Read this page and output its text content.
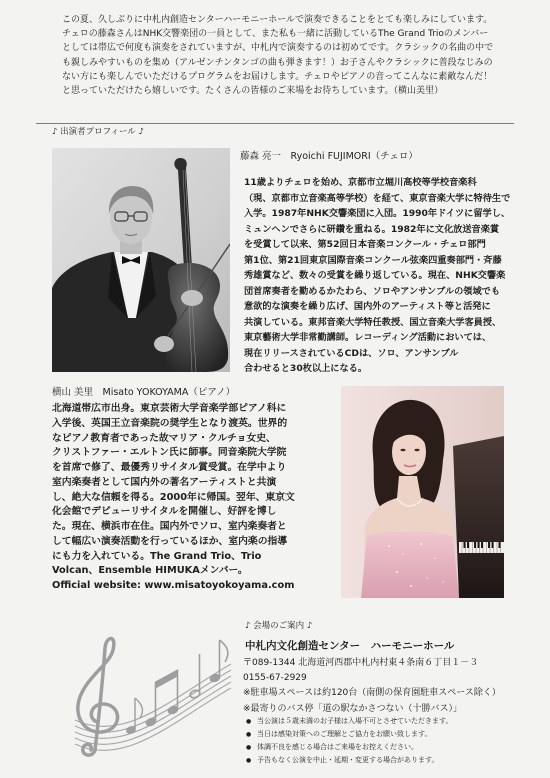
この夏、久しぶりに中札内創造センターハーモニーホールで演奏できることをとても楽しみにしています。
チェロの藤森さんはNHK交響楽団の一員として、また私も一緒に活動しているThe Grand Trioのメンバー
としては帯広で何度も演奏をされていますが、中札内で演奏するのは初めてです。クラシックの名曲の中で
も親しみやすいものを集め（アルゼンチンタンゴの曲も弾きます！）お子さんやクラシックに普段なじみの
ない方にも楽しんでいただけるプログラムをお届けします。チェロやピアノの音ってこんなに素敵なんだ！
と思っていただけたら嬉しいです。たくさんの皆様のご来場をお待ちしています。（横山美里）
♪ 出演者プロフィール ♪
藤森 亮一　Ryoichi FUJIMORI（チェロ）
11歳よりチェロを始め、京都市立堀川高校等学校音楽科
（現、京都市立音楽高等学校）を経て、東京音楽大学に特待生で
入学。1987年NHK交響楽団に入団。1990年ドイツに留学し、
ミュンヘンでさらに研鑽を重ねる。1982年に文化放送音楽賞
を受賞して以来、第52回日本音楽コンクール・チェロ部門
第1位、第21回東京国際音楽コンクール弦楽四重奏部門・斉藤
秀雄賞など、数々の受賞を繰り返している。現在、NHK交響楽
団首席奏者を勤めるかたわら、ソロやアンサンブルの領域でも
意欲的な演奏を繰り広げ、国内外のアーティスト等と活発に
共演している。東邦音楽大学特任教授、国立音楽大学客員授、
東京藝術大学非常勤講師。レコーディング活動においては、
現在リリースされているCDは、ソロ、アンサンブル
合わせると30枚以上になる。
横山 美里　Misato YOKOYAMA（ピアノ）
北海道帯広市出身。東京芸術大学音楽学部ピアノ科に
入学後、英国王立音楽院の奨学生となり渡英。世界的
なピアノ教育者であった故マリア・クルチョ女史、
クリストファー・エルトン氏に師事。同音楽院大学院
を首席で修了、最優秀リサイタル賞受賞。在学中より
室内楽奏者として国内外の著名アーティストと共演
し、絶大な信頼を得る。2000年に帰国。翌年、東京文
化会館でデビューリサイタルを開催し、好評を博し
た。現在、横浜市在住。国内外でソロ、室内楽奏者と
して幅広い演奏活動を行っているほか、室内楽の指導
にも力を入れている。The Grand Trio、Trio
Volcan、Ensemble HIMUKAメンバー。
Official website: www.misatoyokoyama.com
♪ 会場のご案内 ♪
中札内文化創造センター　ハーモニーホール
〒089-1344 北海道河西郡中札内村東４条南６丁目１－３
0155-67-2929
※駐車場スペースは約120台（南側の保育園駐車スペース除く）
※最寄りのバス停「道の駅なかさつない（十勝バス）」
● 当公演は５歳未満のお子様は入場不可とさせていただきます。
● 当日は感染対策へのご理解とご協力をお願い致します。
● 体調不良を感じる場合はご来場をお控えください。
● 予告もなく公演を中止・延期・変更する場合があります。
